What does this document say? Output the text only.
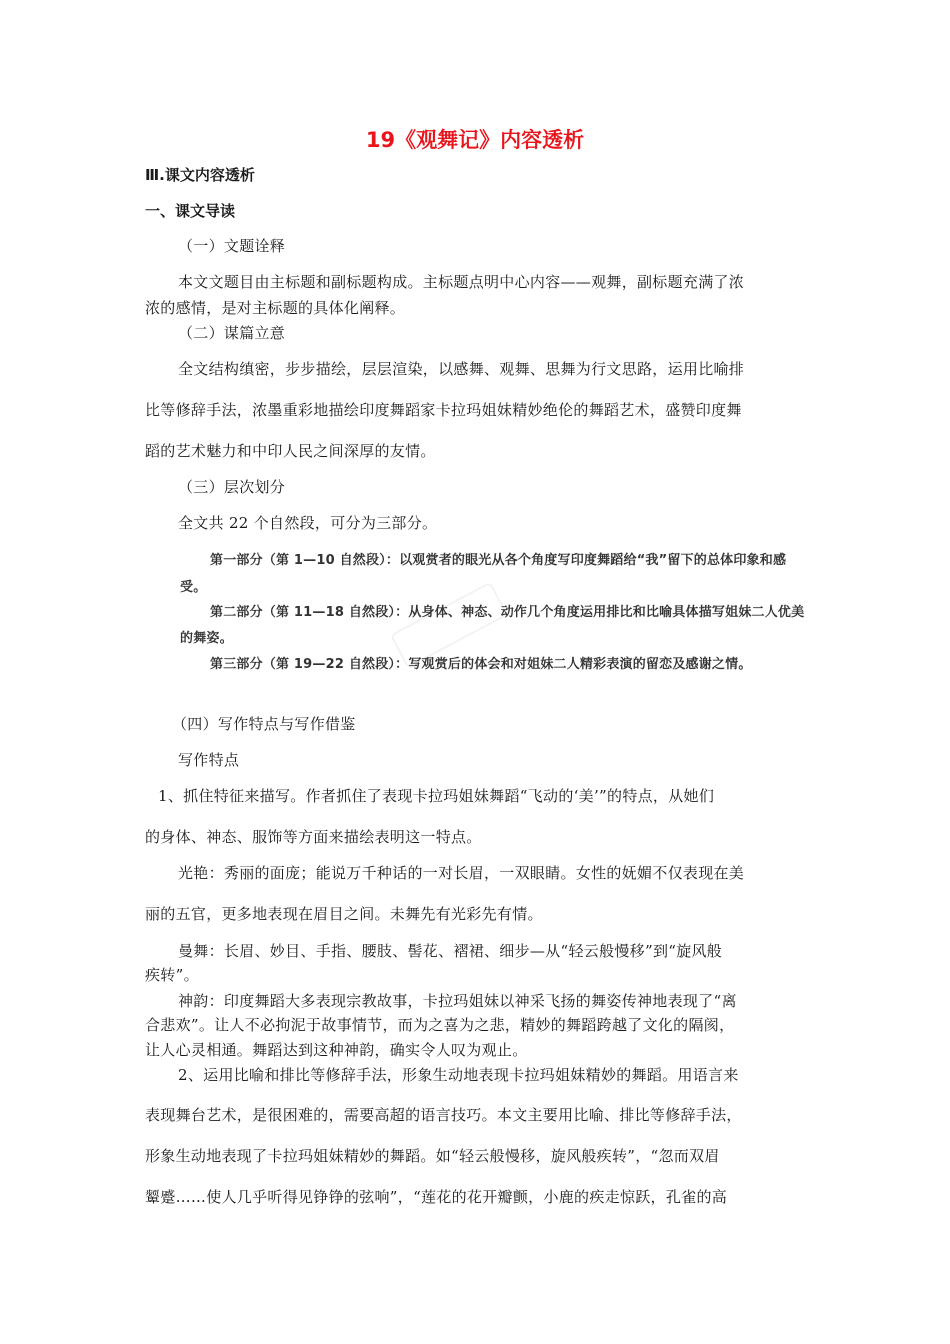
19《观舞记》内容透析
Ⅲ.课文内容透析
一、课文导读
（一）文题诠释
本文文题目由主标题和副标题构成。主标题点明中心内容——观舞，副标题充满了浓
浓的感情，是对主标题的具体化阐释。
（二）谋篇立意
全文结构缜密，步步描绘，层层渲染，以感舞、观舞、思舞为行文思路，运用比喻排
比等修辞手法，浓墨重彩地描绘印度舞蹈家卡拉玛姐妹精妙绝伦的舞蹈艺术，盛赞印度舞
蹈的艺术魅力和中印人民之间深厚的友情。
（三）层次划分
全文共 22 个自然段，可分为三部分。
第一部分（第 1—10 自然段）：以观赏者的眼光从各个角度写印度舞蹈给“我”留下的总体印象和感
受。
第二部分（第 11—18 自然段）：从身体、神态、动作几个角度运用排比和比喻具体描写姐妹二人优美
的舞姿。
第三部分（第 19—22 自然段）：写观赏后的体会和对姐妹二人精彩表演的留恋及感谢之情。
（四）写作特点与写作借鉴
写作特点
1、抓住特征来描写。作者抓住了表现卡拉玛姐妹舞蹈“飞动的‘美’”的特点，从她们
的身体、神态、服饰等方面来描绘表明这一特点。
光艳：秀丽的面庞；能说万千种话的一对长眉，一双眼睛。女性的妩媚不仅表现在美
丽的五官，更多地表现在眉目之间。未舞先有光彩先有情。
曼舞：长眉、妙目、手指、腰肢、髻花、褶裙、细步—从“轻云般慢移”到“旋风般
疾转”。
神韵：印度舞蹈大多表现宗教故事，卡拉玛姐妹以神采飞扬的舞姿传神地表现了“离
合悲欢”。让人不必拘泥于故事情节，而为之喜为之悲，精妙的舞蹈跨越了文化的隔阂，
让人心灵相通。舞蹈达到这种神韵，确实令人叹为观止。
2、运用比喻和排比等修辞手法，形象生动地表现卡拉玛姐妹精妙的舞蹈。用语言来
表现舞台艺术，是很困难的，需要高超的语言技巧。本文主要用比喻、排比等修辞手法，
形象生动地表现了卡拉玛姐妹精妙的舞蹈。如“轻云般慢移，旋风般疾转”，“忽而双眉
颦蹙……使人几乎听得见铮铮的弦响”，“莲花的花开瓣颤，小鹿的疾走惊跃，孔雀的高
